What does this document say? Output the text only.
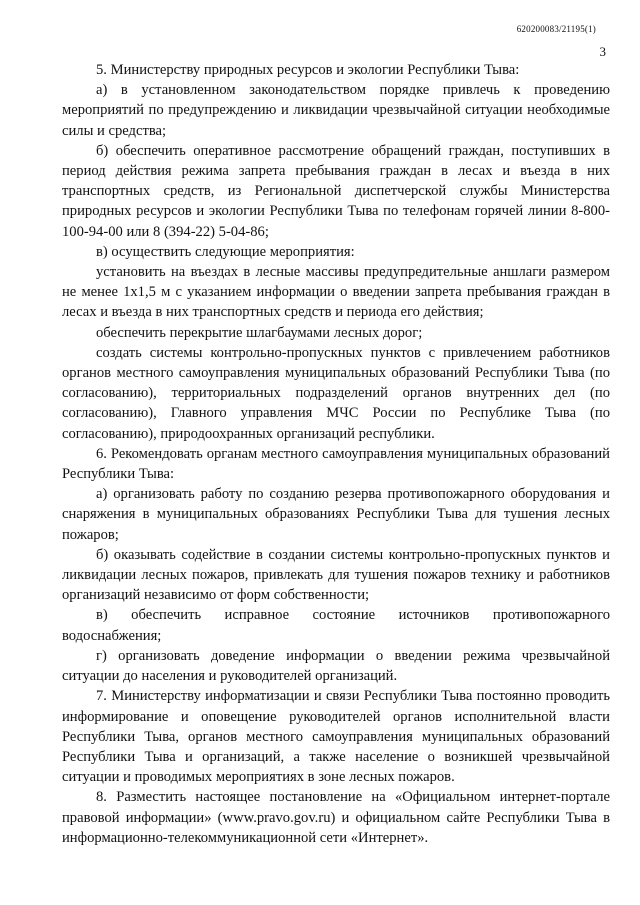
620200083/21195(1)
3

5. Министерству природных ресурсов и экологии Республики Тыва:

а) в установленном законодательством порядке привлечь к проведению мероприятий по предупреждению и ликвидации чрезвычайной ситуации необходимые силы и средства;

б) обеспечить оперативное рассмотрение обращений граждан, поступивших в период действия режима запрета пребывания граждан в лесах и въезда в них транспортных средств, из Региональной диспетчерской службы Министерства природных ресурсов и экологии Республики Тыва по телефонам горячей линии 8-800-100-94-00 или 8 (394-22) 5-04-86;

в) осуществить следующие мероприятия:

установить на въездах в лесные массивы предупредительные аншлаги размером не менее 1х1,5 м с указанием информации о введении запрета пребывания граждан в лесах и въезда в них транспортных средств и периода его действия;

обеспечить перекрытие шлагбаумами лесных дорог;

создать системы контрольно-пропускных пунктов с привлечением работников органов местного самоуправления муниципальных образований Республики Тыва (по согласованию), территориальных подразделений органов внутренних дел (по согласованию), Главного управления МЧС России по Республике Тыва (по согласованию), природоохранных организаций республики.

6. Рекомендовать органам местного самоуправления муниципальных образований Республики Тыва:

а) организовать работу по созданию резерва противопожарного оборудования и снаряжения в муниципальных образованиях Республики Тыва для тушения лесных пожаров;

б) оказывать содействие в создании системы контрольно-пропускных пунктов и ликвидации лесных пожаров, привлекать для тушения пожаров технику и работников организаций независимо от форм собственности;

в) обеспечить исправное состояние источников противопожарного водоснабжения;

г) организовать доведение информации о введении режима чрезвычайной ситуации до населения и руководителей организаций.

7. Министерству информатизации и связи Республики Тыва постоянно проводить информирование и оповещение руководителей органов исполнительной власти Республики Тыва, органов местного самоуправления муниципальных образований Республики Тыва и организаций, а также население о возникшей чрезвычайной ситуации и проводимых мероприятиях в зоне лесных пожаров.

8. Разместить настоящее постановление на «Официальном интернет-портале правовой информации» (www.pravo.gov.ru) и официальном сайте Республики Тыва в информационно-телекоммуникационной сети «Интернет».
